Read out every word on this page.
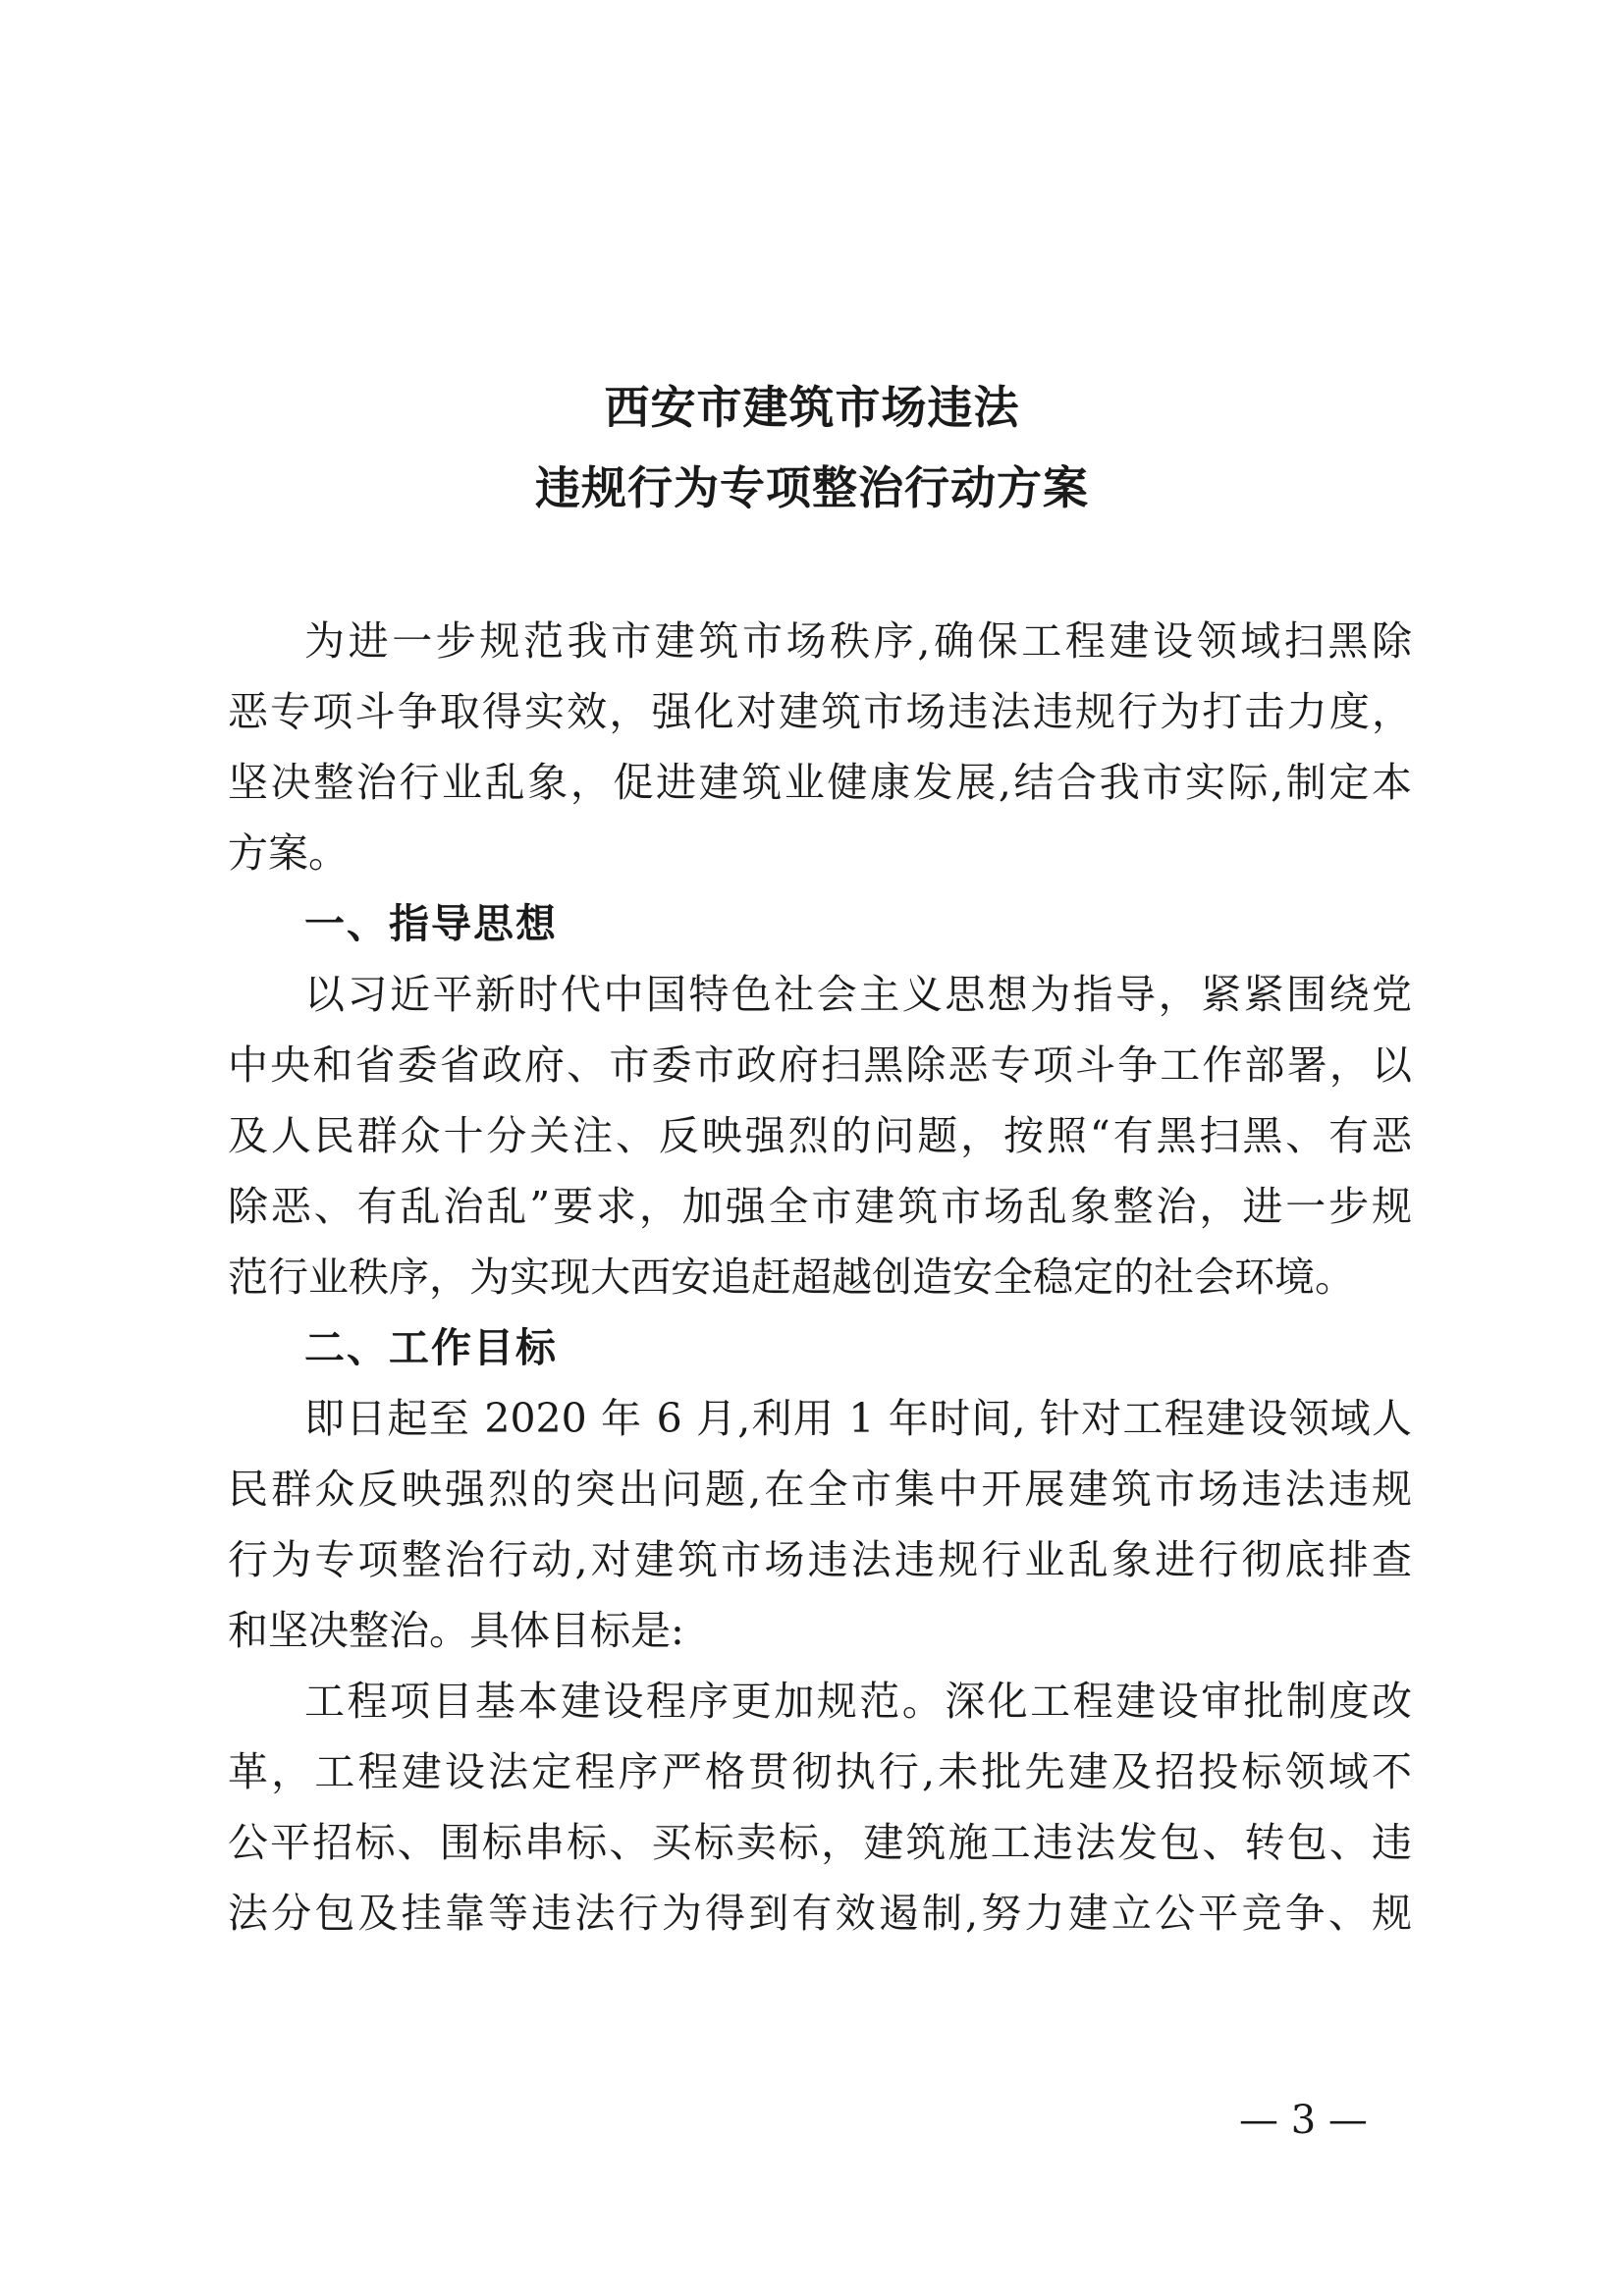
西安市建筑市场违法
违规行为专项整治行动方案
为进一步规范我市建筑市场秩序,确保工程建设领域扫黑除
恶专项斗争取得实效，强化对建筑市场违法违规行为打击力度，
坚决整治行业乱象，促进建筑业健康发展,结合我市实际,制定本
方案。
一、指导思想
以习近平新时代中国特色社会主义思想为指导，紧紧围绕党
中央和省委省政府、市委市政府扫黑除恶专项斗争工作部署，以
及人民群众十分关注、反映强烈的问题，按照“有黑扫黑、有恶
除恶、有乱治乱”要求，加强全市建筑市场乱象整治，进一步规
范行业秩序，为实现大西安追赶超越创造安全稳定的社会环境。
二、工作目标
即日起至 2020 年 6 月,利用 1 年时间, 针对工程建设领域人
民群众反映强烈的突出问题,在全市集中开展建筑市场违法违规
行为专项整治行动,对建筑市场违法违规行业乱象进行彻底排查
和坚决整治。具体目标是:
工程项目基本建设程序更加规范。深化工程建设审批制度改
革，工程建设法定程序严格贯彻执行,未批先建及招投标领域不
公平招标、围标串标、买标卖标，建筑施工违法发包、转包、违
法分包及挂靠等违法行为得到有效遏制,努力建立公平竞争、规
— 3 —
